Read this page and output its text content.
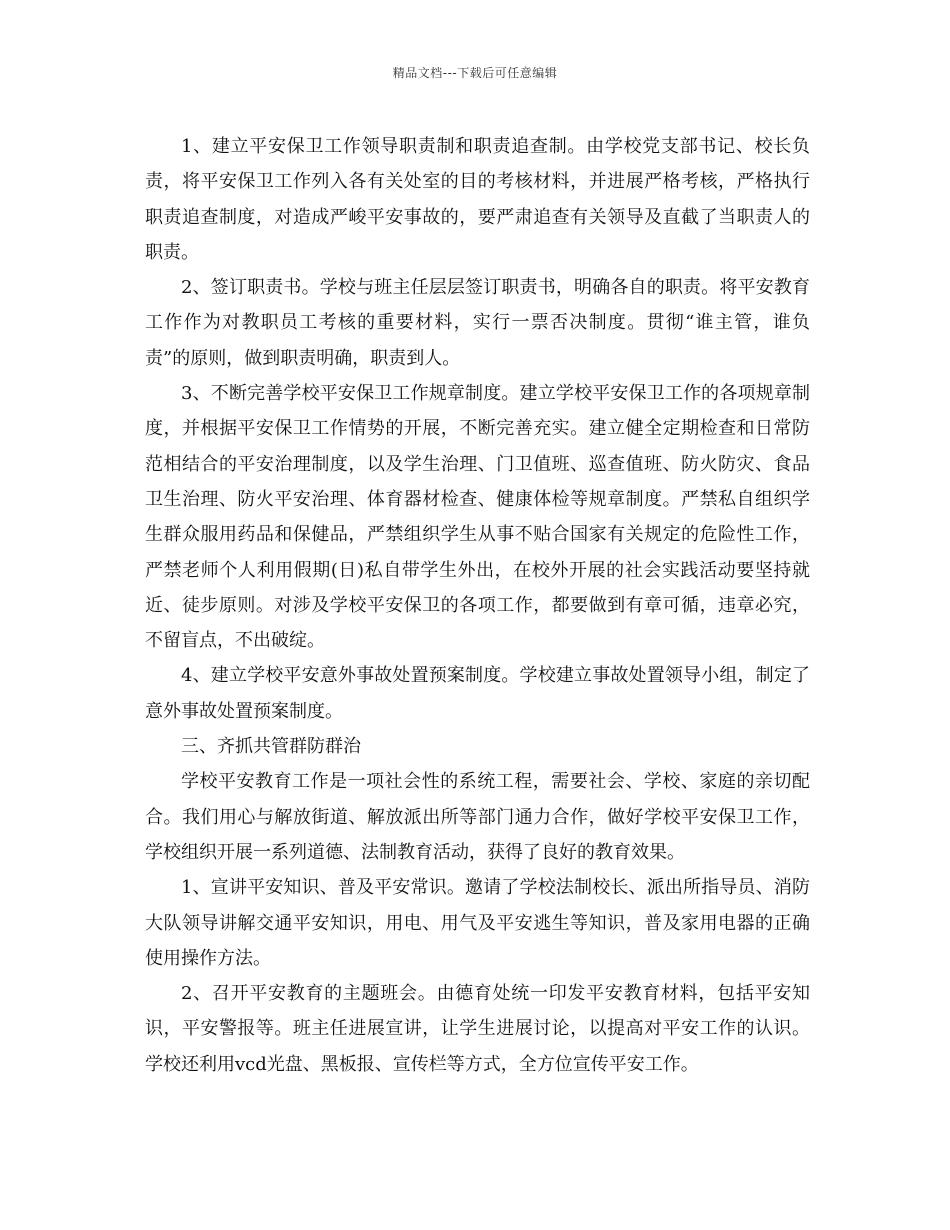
精品文档---下载后可任意编辑

1、建立平安保卫工作领导职责制和职责追查制。由学校党支部书记、校长负责，将平安保卫工作列入各有关处室的目的考核材料，并进展严格考核，严格执行职责追查制度，对造成严峻平安事故的，要严肃追查有关领导及直截了当职责人的职责。

2、签订职责书。学校与班主任层层签订职责书，明确各自的职责。将平安教育工作作为对教职员工考核的重要材料，实行一票否决制度。贯彻“谁主管，谁负责”的原则，做到职责明确，职责到人。

3、不断完善学校平安保卫工作规章制度。建立学校平安保卫工作的各项规章制度，并根据平安保卫工作情势的开展，不断完善充实。建立健全定期检查和日常防范相结合的平安治理制度，以及学生治理、门卫值班、巡查值班、防火防灾、食品卫生治理、防火平安治理、体育器材检查、健康体检等规章制度。严禁私自组织学生群众服用药品和保健品，严禁组织学生从事不贴合国家有关规定的危险性工作，严禁老师个人利用假期(日)私自带学生外出，在校外开展的社会实践活动要坚持就近、徒步原则。对涉及学校平安保卫的各项工作，都要做到有章可循，违章必究，不留盲点，不出破绽。

4、建立学校平安意外事故处置预案制度。学校建立事故处置领导小组，制定了意外事故处置预案制度。

三、齐抓共管群防群治

学校平安教育工作是一项社会性的系统工程，需要社会、学校、家庭的亲切配合。我们用心与解放街道、解放派出所等部门通力合作，做好学校平安保卫工作，学校组织开展一系列道德、法制教育活动，获得了良好的教育效果。

1、宣讲平安知识、普及平安常识。邀请了学校法制校长、派出所指导员、消防大队领导讲解交通平安知识，用电、用气及平安逃生等知识，普及家用电器的正确使用操作方法。

2、召开平安教育的主题班会。由德育处统一印发平安教育材料，包括平安知识，平安警报等。班主任进展宣讲，让学生进展讨论，以提高对平安工作的认识。学校还利用vcd光盘、黑板报、宣传栏等方式，全方位宣传平安工作。
